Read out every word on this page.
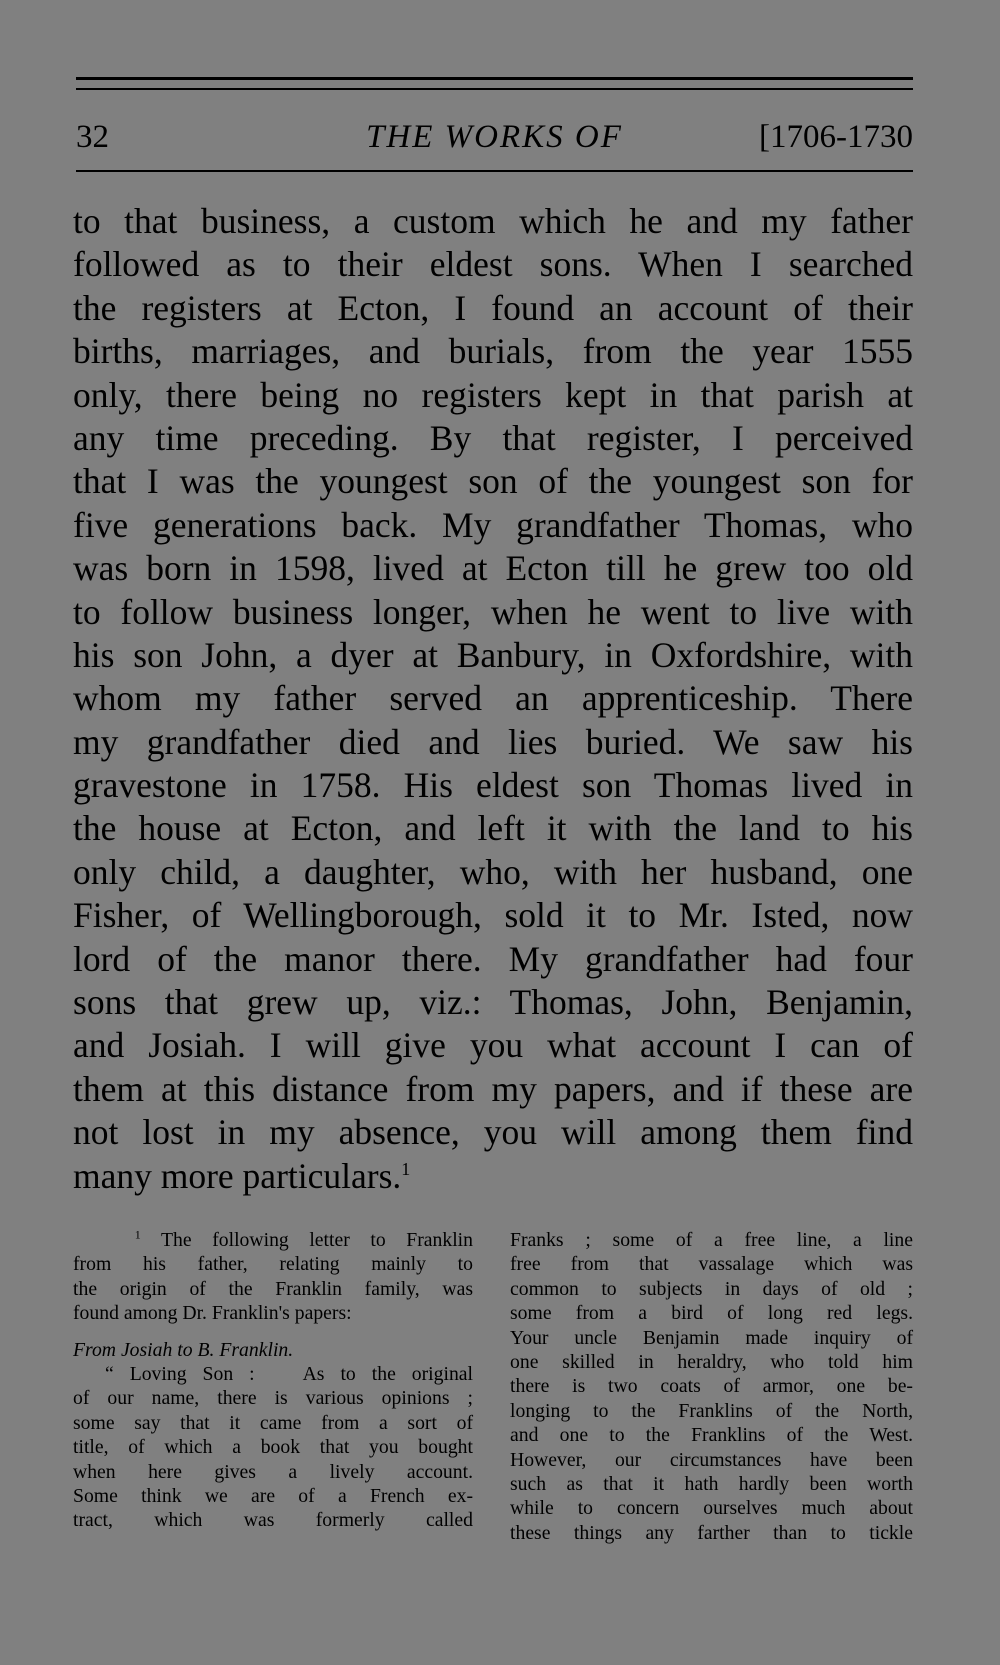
32	THE WORKS OF	[1706-1730
to that business, a custom which he and my father
followed as to their eldest sons. When I searched
the registers at Ecton, I found an account of their
births, marriages, and burials, from the year 1555
only, there being no registers kept in that parish at
any time preceding. By that register, I perceived
that I was the youngest son of the youngest son for
five generations back. My grandfather Thomas, who
was born in 1598, lived at Ecton till he grew too old
to follow business longer, when he went to live with
his son John, a dyer at Banbury, in Oxfordshire, with
whom my father served an apprenticeship. There
my grandfather died and lies buried. We saw his
gravestone in 1758. His eldest son Thomas lived in
the house at Ecton, and left it with the land to his
only child, a daughter, who, with her husband, one
Fisher, of Wellingborough, sold it to Mr. Isted, now
lord of the manor there. My grandfather had four
sons that grew up, viz.: Thomas, John, Benjamin,
and Josiah. I will give you what account I can of
them at this distance from my papers, and if these are
not lost in my absence, you will among them find
many more particulars.$^1$
$^1$ The following letter to Franklin
from his father, relating mainly to
the origin of the Franklin family, was
found among Dr. Franklin's papers:
From Josiah to B. Franklin.
“ Loving Son : As to the original
of our name, there is various opinions ;
some say that it came from a sort of
title, of which a book that you bought
when here gives a lively account.
Some think we are of a French ex-
tract, which was formerly called
Franks ; some of a free line, a line
free from that vassalage which was
common to subjects in days of old ;
some from a bird of long red legs.
Your uncle Benjamin made inquiry of
one skilled in heraldry, who told him
there is two coats of armor, one be-
longing to the Franklins of the North,
and one to the Franklins of the West.
However, our circumstances have been
such as that it hath hardly been worth
while to concern ourselves much about
these things any farther than to tickle
